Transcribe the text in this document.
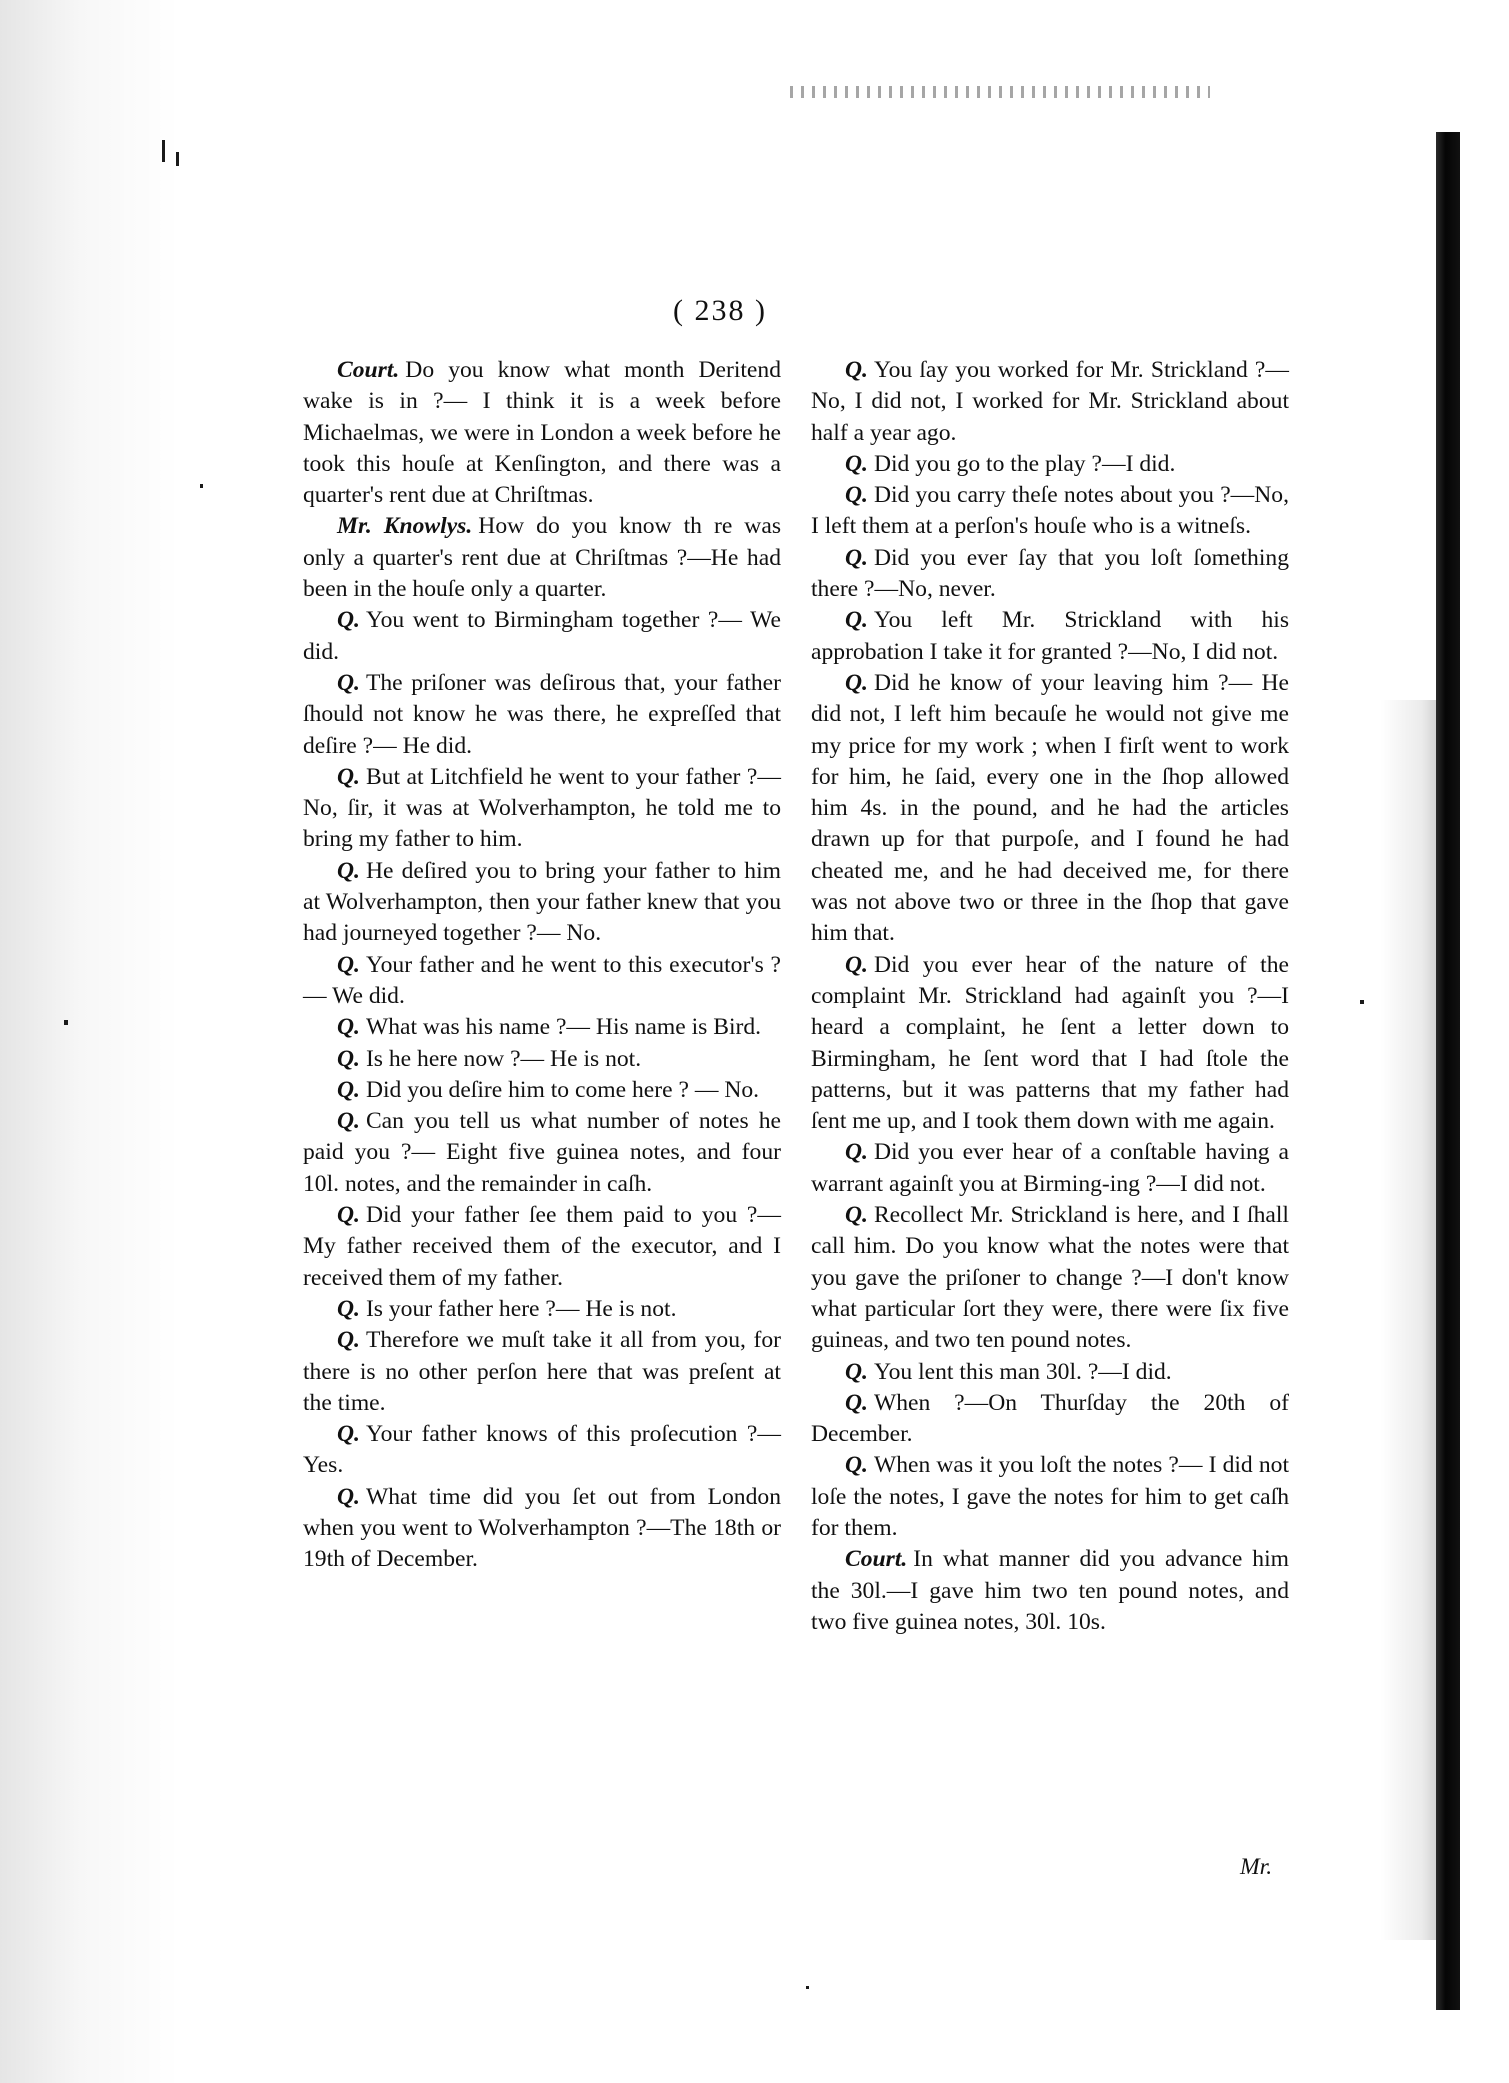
( 238 )

Court. Do you know what month Deritend wake is in ?— I think it is a week before Michaelmas, we were in London a week before he took this houſe at Kenſington, and there was a quarter's rent due at Chriſtmas.

Mr. Knowlys. How do you know th re was only a quarter's rent due at Chriſtmas ?—He had been in the houſe only a quarter.

Q. You went to Birmingham together ?— We did.

Q. The priſoner was deſirous that, your father ſhould not know he was there, he expreſſed that deſire ?— He did.

Q. But at Litchfield he went to your father ?— No, ſir, it was at Wolverhampton, he told me to bring my father to him.

Q. He deſired you to bring your father to him at Wolverhampton, then your father knew that you had journeyed together ?— No.

Q. Your father and he went to this executor's ?— We did.

Q. What was his name ?— His name is Bird.

Q. Is he here now ?— He is not.

Q. Did you deſire him to come here ? — No.

Q. Can you tell us what number of notes he paid you ?— Eight five guinea notes, and four 10l. notes, and the remainder in caſh.

Q. Did your father ſee them paid to you ?— My father received them of the executor, and I received them of my father.

Q. Is your father here ?— He is not.

Q. Therefore we muſt take it all from you, for there is no other perſon here that was preſent at the time.

Q. Your father knows of this proſecution ?—Yes.

Q. What time did you ſet out from London when you went to Wolverhampton ?—The 18th or 19th of December.

Q. You ſay you worked for Mr. Strickland ?—No, I did not, I worked for Mr. Strickland about half a year ago.

Q. Did you go to the play ?—I did.

Q. Did you carry theſe notes about you ?—No, I left them at a perſon's houſe who is a witneſs.

Q. Did you ever ſay that you loſt ſomething there ?—No, never.

Q. You left Mr. Strickland with his approbation I take it for granted ?—No, I did not.

Q. Did he know of your leaving him ?— He did not, I left him becauſe he would not give me my price for my work ; when I firſt went to work for him, he ſaid, every one in the ſhop allowed him 4s. in the pound, and he had the articles drawn up for that purpoſe, and I found he had cheated me, and he had deceived me, for there was not above two or three in the ſhop that gave him that.

Q. Did you ever hear of the nature of the complaint Mr. Strickland had againſt you ?—I heard a complaint, he ſent a letter down to Birmingham, he ſent word that I had ſtole the patterns, but it was patterns that my father had ſent me up, and I took them down with me again.

Q. Did you ever hear of a conſtable having a warrant againſt you at Birming-ing ?—I did not.

Q. Recollect Mr. Strickland is here, and I ſhall call him. Do you know what the notes were that you gave the priſoner to change ?—I don't know what particular ſort they were, there were ſix five guineas, and two ten pound notes.

Q. You lent this man 30l. ?—I did.

Q. When ?—On Thurſday the 20th of December.

Q. When was it you loſt the notes ?— I did not loſe the notes, I gave the notes for him to get caſh for them.

Court. In what manner did you advance him the 30l.—I gave him two ten pound notes, and two five guinea notes, 30l. 10s.

Mr.
